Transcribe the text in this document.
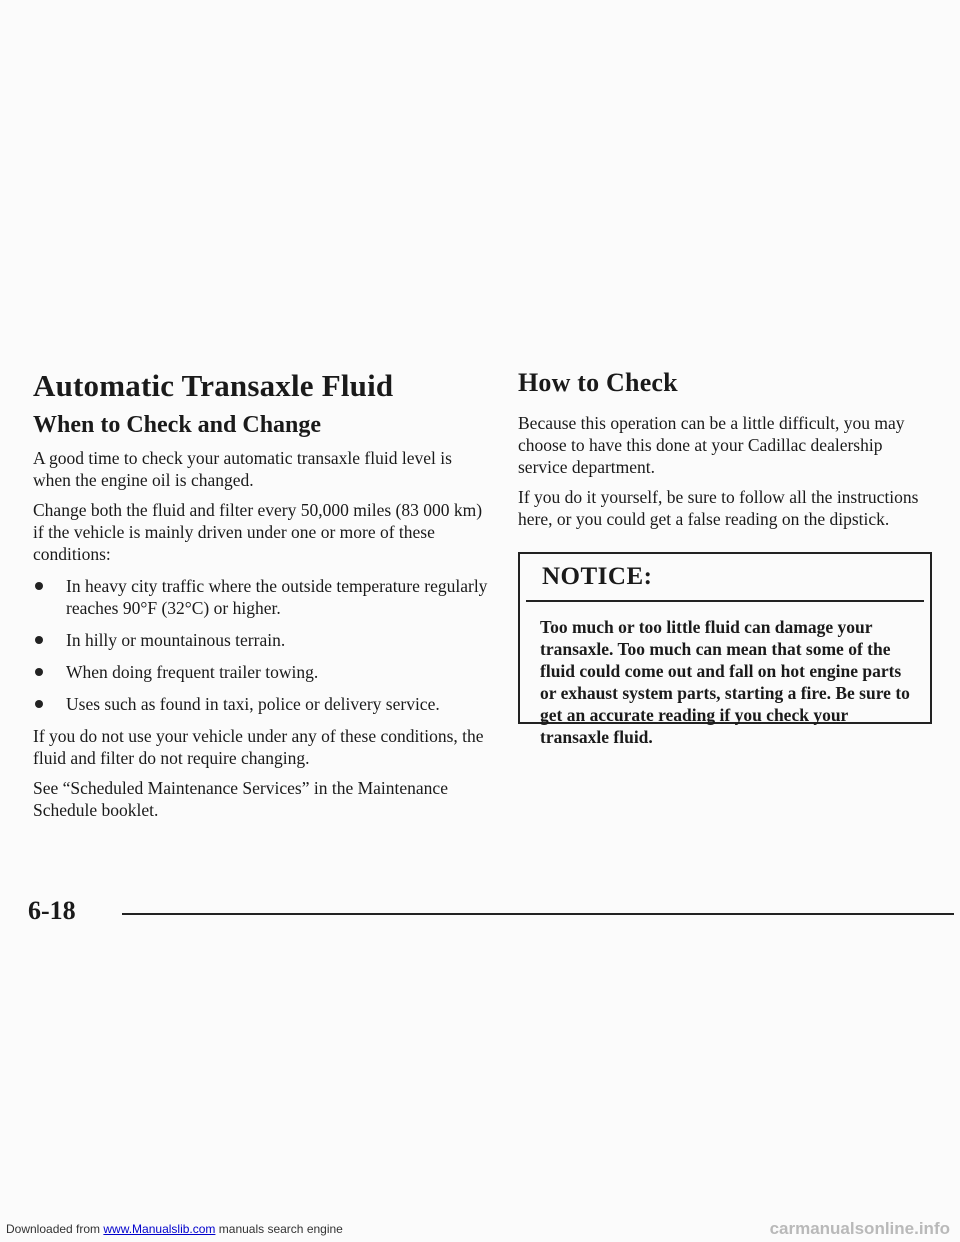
Automatic Transaxle Fluid
When to Check and Change

A good time to check your automatic transaxle fluid level is when the engine oil is changed.

Change both the fluid and filter every 50,000 miles (83 000 km) if the vehicle is mainly driven under one or more of these conditions:

In heavy city traffic where the outside temperature regularly reaches 90°F (32°C) or higher.
In hilly or mountainous terrain.
When doing frequent trailer towing.
Uses such as found in taxi, police or delivery service.

If you do not use your vehicle under any of these conditions, the fluid and filter do not require changing.

See “Scheduled Maintenance Services” in the Maintenance Schedule booklet.

How to Check

Because this operation can be a little difficult, you may choose to have this done at your Cadillac dealership service department.

If you do it yourself, be sure to follow all the instructions here, or you could get a false reading on the dipstick.

NOTICE:
Too much or too little fluid can damage your transaxle. Too much can mean that some of the fluid could come out and fall on hot engine parts or exhaust system parts, starting a fire. Be sure to get an accurate reading if you check your transaxle fluid.
6-18
Downloaded from www.Manualslib.com manuals search engine	carmanualsonline.info
